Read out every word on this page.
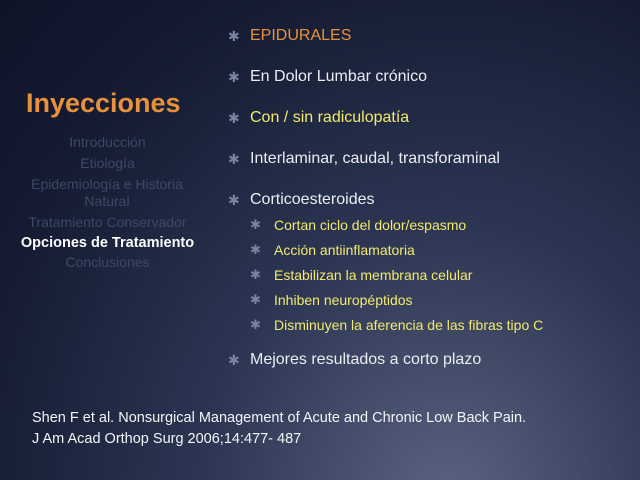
Inyecciones
Introducción
Etiología
Epidemiología e Historia Natural
Tratamiento Conservador
Opciones de Tratamiento
Conclusiones
✱ EPIDURALES
✱ En Dolor Lumbar crónico
✱ Con / sin radiculopatía
✱ Interlaminar, caudal, transforaminal
✱ Corticoesteroides
✱ Cortan ciclo del dolor/espasmo
✱ Acción antiinflamatoria
✱ Estabilizan la membrana celular
✱ Inhiben neuropéptidos
✱ Disminuyen la aferencia de las fibras tipo C
✱ Mejores resultados a corto plazo
Shen F et al. Nonsurgical Management of Acute and Chronic Low Back Pain.
J Am Acad Orthop Surg 2006;14:477- 487
